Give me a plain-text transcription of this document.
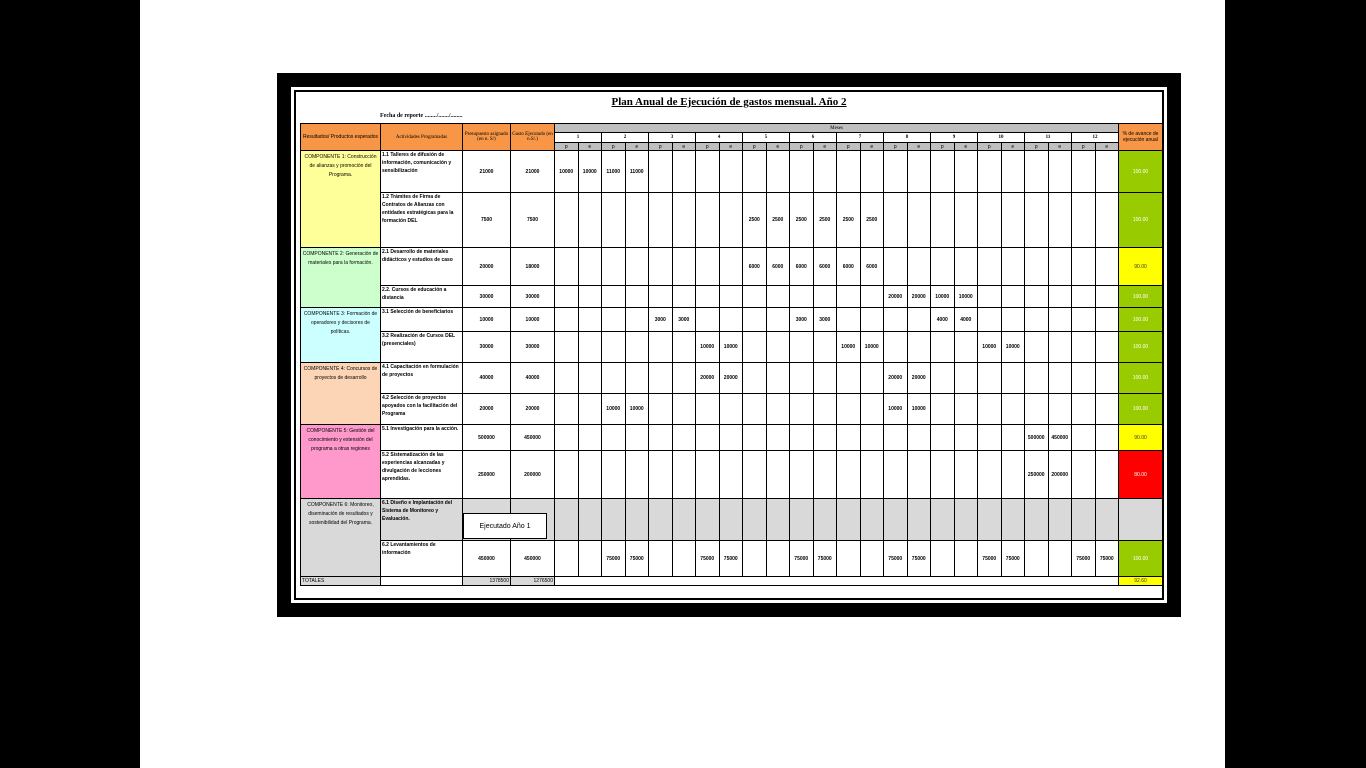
Plan Anual de Ejecución de gastos mensual. Año 2
Fecha de reporte ......../......./........
Resultados/ Productos esperados	Actividades Programadas	Presupuesto asignado (en n. S/)	Gasto Ejecutado (en n.S/.)	Meses																								% de avance de ejecución anual
				1		2		3		4		5		6		7		8		9		10		11		12		
				p	e	p	e	p	e	p	e	p	e	p	e	p	e	p	e	p	e	p	e	p	e	p	e	
COMPONENTE 1: Construcción de alianzas y promoción del Programa.	1.1 Talleres de difusión de información, comunicación y sensibilización	21000	21000	10000	10000	11000	11000																					100.00
	1.2 Trámites de Firma de Contratos de Alianzas con entidades estratégicas para la formación DEL	7500	7500									2500	2500	2500	2500	2500	2500											100.00
COMPONENTE 2: Generación de materiales para la formación.	2.1 Desarrollo de materiales didácticos y estudios de caso	20000	18000									6000	6000	6000	6000	6000	6000											90.00
	2.2. Cursos de educación a distancia	30000	30000															20000	20000	10000	10000							100.00
COMPONENTE 3: Formación de operadores y decisores de políticas.	3.1 Selección de beneficiarios	10000	10000					3000	3000					3000	3000					4000	4000							100.00
	3.2 Realización de Cursos DEL (presenciales)	30000	30000							10000	10000					10000	10000					10000	10000					100.00
COMPONENTE 4: Concursos de proyectos de desarrollo	4.1 Capacitación en formulación de proyectos	40000	40000							20000	20000							20000	20000									100.00
	4.2 Selección de proyectos apoyados con la facilitación del Programa	20000	20000			10000	10000											10000	10000									100.00
COMPONENTE 5: Gestión del conocimiento y extensión del programa a otras regiones	5.1 Investigación para la acción.	500000	450000																					500000	450000			90.00
	5.2 Sistematización de las experiencias alcanzadas y divulgación de lecciones aprendidas.	250000	200000																					250000	200000			80.00
COMPONENTE 6: Monitoreo, diseminación de resultados y sostenibilidad del Programa.	6.1 Diseño e Implantación del Sistema de Monitoreo y Evaluación.																											
	6.2 Levantamientos de información	450000	450000			75000	75000			75000	75000			75000	75000			75000	75000			75000	75000			75000	75000	100.00
TOTALES		1378500	1276500																									92.60
Ejecutado Año 1
